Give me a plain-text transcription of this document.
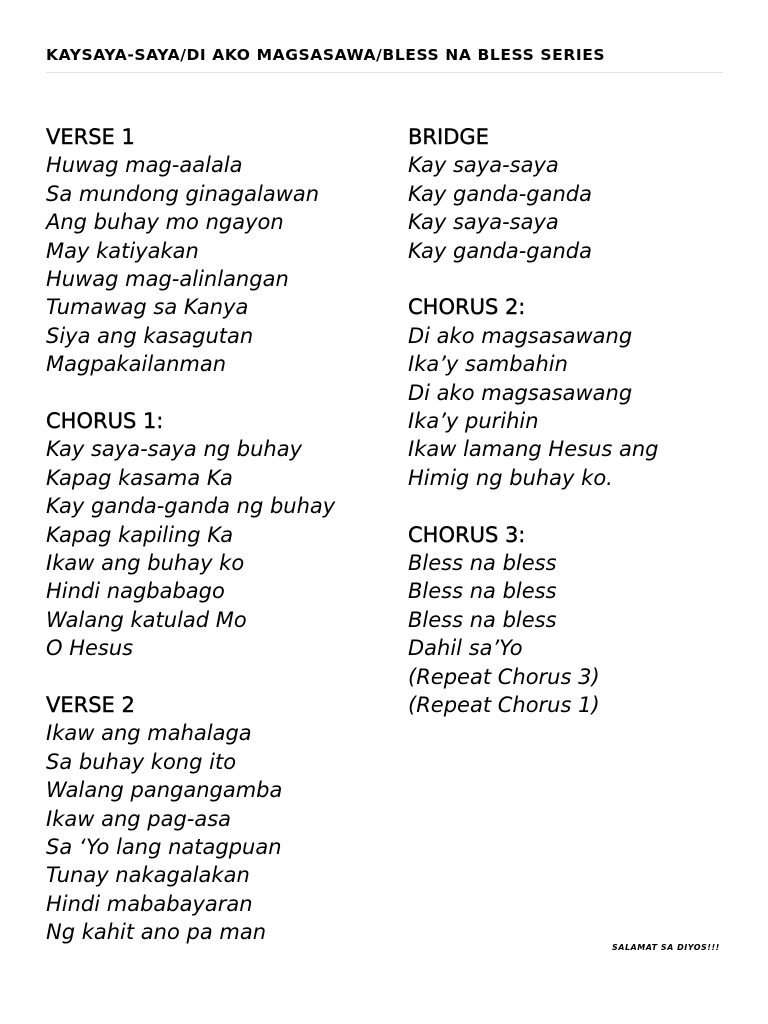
KAYSAYA-SAYA/DI AKO MAGSASAWA/BLESS NA BLESS SERIES
VERSE 1
Huwag mag-aalala
Sa mundong ginagalawan
Ang buhay mo ngayon
May katiyakan
Huwag mag-alinlangan
Tumawag sa Kanya
Siya ang kasagutan
Magpakailanman
CHORUS 1:
Kay saya-saya ng buhay
Kapag kasama Ka
Kay ganda-ganda ng buhay
Kapag kapiling Ka
Ikaw ang buhay ko
Hindi nagbabago
Walang katulad Mo
O Hesus
VERSE 2
Ikaw ang mahalaga
Sa buhay kong ito
Walang pangangamba
Ikaw ang pag-asa
Sa ‘Yo lang natagpuan
Tunay nakagalakan
Hindi mababayaran
Ng kahit ano pa man
BRIDGE
Kay saya-saya
Kay ganda-ganda
Kay saya-saya
Kay ganda-ganda
CHORUS 2:
Di ako magsasawang
Ika’y sambahin
Di ako magsasawang
Ika’y purihin
Ikaw lamang Hesus ang
Himig ng buhay ko.
CHORUS 3:
Bless na bless
Bless na bless
Bless na bless
Dahil sa’Yo
(Repeat Chorus 3)
(Repeat Chorus 1)
SALAMAT SA DIYOS!!!
